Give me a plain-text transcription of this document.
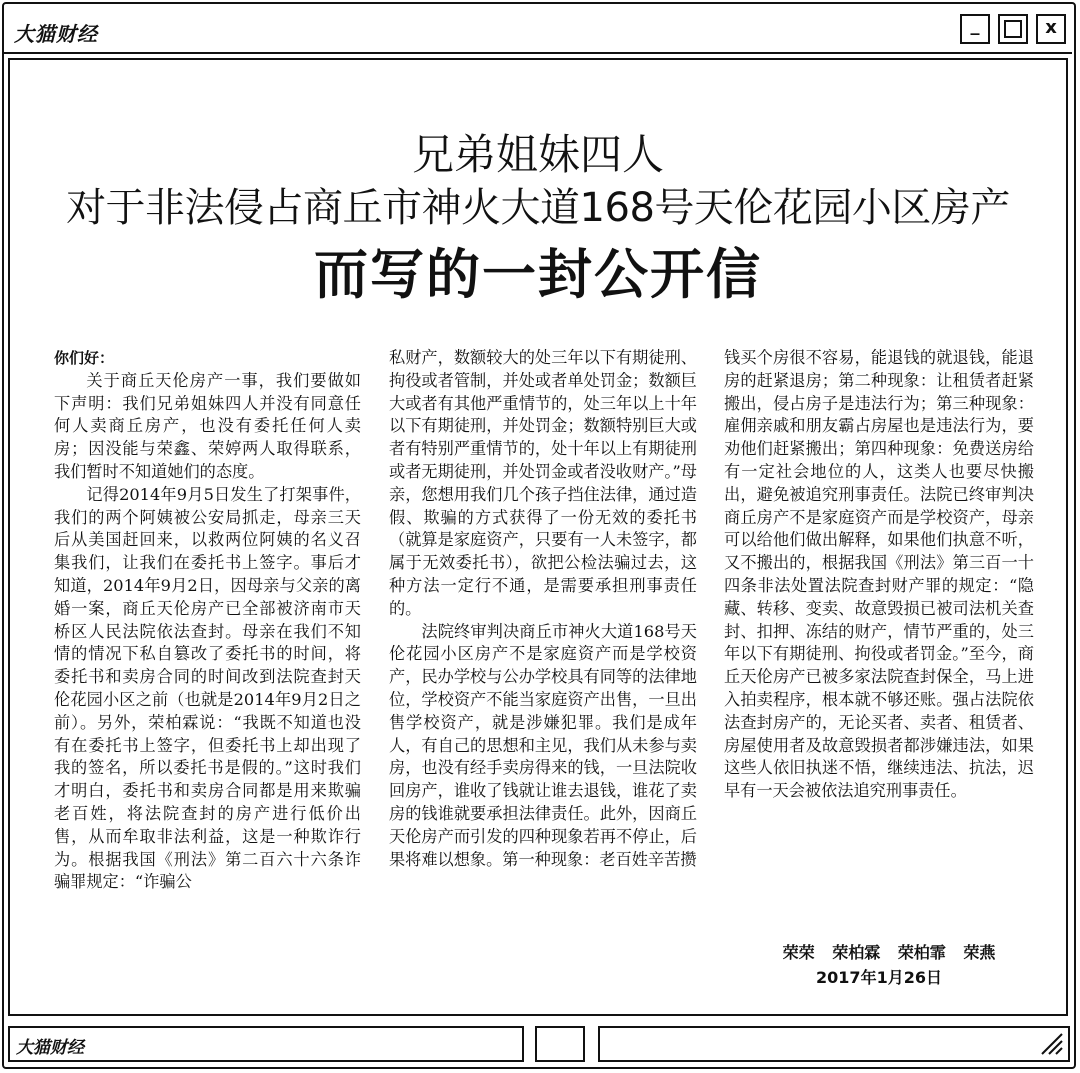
大猫财经	_	x
兄弟姐妹四人
对于非法侵占商丘市神火大道168号天伦花园小区房产
而写的一封公开信

你们好：

关于商丘天伦房产一事，我们要做如下声明：我们兄弟姐妹四人并没有同意任何人卖商丘房产，也没有委托任何人卖房；因没能与荣鑫、荣婷两人取得联系，我们暂时不知道她们的态度。

记得2014年9月5日发生了打架事件，我们的两个阿姨被公安局抓走，母亲三天后从美国赶回来，以救两位阿姨的名义召集我们，让我们在委托书上签字。事后才知道，2014年9月2日，因母亲与父亲的离婚一案，商丘天伦房产已全部被济南市天桥区人民法院依法查封。母亲在我们不知情的情况下私自篡改了委托书的时间，将委托书和卖房合同的时间改到法院查封天伦花园小区之前（也就是2014年9月2日之前）。另外，荣柏霖说：“我既不知道也没有在委托书上签字，但委托书上却出现了我的签名，所以委托书是假的。”这时我们才明白，委托书和卖房合同都是用来欺骗老百姓，将法院查封的房产进行低价出售，从而牟取非法利益，这是一种欺诈行为。根据我国《刑法》第二百六十六条诈骗罪规定：“诈骗公

私财产，数额较大的处三年以下有期徒刑、拘役或者管制，并处或者单处罚金；数额巨大或者有其他严重情节的，处三年以上十年以下有期徒刑，并处罚金；数额特别巨大或者有特别严重情节的，处十年以上有期徒刑或者无期徒刑，并处罚金或者没收财产。”母亲，您想用我们几个孩子挡住法律，通过造假、欺骗的方式获得了一份无效的委托书（就算是家庭资产，只要有一人未签字，都属于无效委托书），欲把公检法骗过去，这种方法一定行不通，是需要承担刑事责任的。

法院终审判决商丘市神火大道168号天伦花园小区房产不是家庭资产而是学校资产，民办学校与公办学校具有同等的法律地位，学校资产不能当家庭资产出售，一旦出售学校资产，就是涉嫌犯罪。我们是成年人，有自己的思想和主见，我们从未参与卖房，也没有经手卖房得来的钱，一旦法院收回房产，谁收了钱就让谁去退钱，谁花了卖房的钱谁就要承担法律责任。此外，因商丘天伦房产而引发的四种现象若再不停止，后果将难以想象。第一种现象：老百姓辛苦攒

钱买个房很不容易，能退钱的就退钱，能退房的赶紧退房；第二种现象：让租赁者赶紧搬出，侵占房子是违法行为；第三种现象：雇佣亲戚和朋友霸占房屋也是违法行为，要劝他们赶紧搬出；第四种现象：免费送房给有一定社会地位的人，这类人也要尽快搬出，避免被追究刑事责任。法院已终审判决商丘房产不是家庭资产而是学校资产，母亲可以给他们做出解释，如果他们执意不听，又不搬出的，根据我国《刑法》第三百一十四条非法处置法院查封财产罪的规定：“隐藏、转移、变卖、故意毁损已被司法机关查封、扣押、冻结的财产，情节严重的，处三年以下有期徒刑、拘役或者罚金。”至今，商丘天伦房产已被多家法院查封保全，马上进入拍卖程序，根本就不够还账。强占法院依法查封房产的，无论买者、卖者、租赁者、房屋使用者及故意毁损者都涉嫌违法，如果这些人依旧执迷不悟，继续违法、抗法，迟早有一天会被依法追究刑事责任。

荣荣 荣柏霖 荣柏霏 荣燕
2017年1月26日
大猫财经
